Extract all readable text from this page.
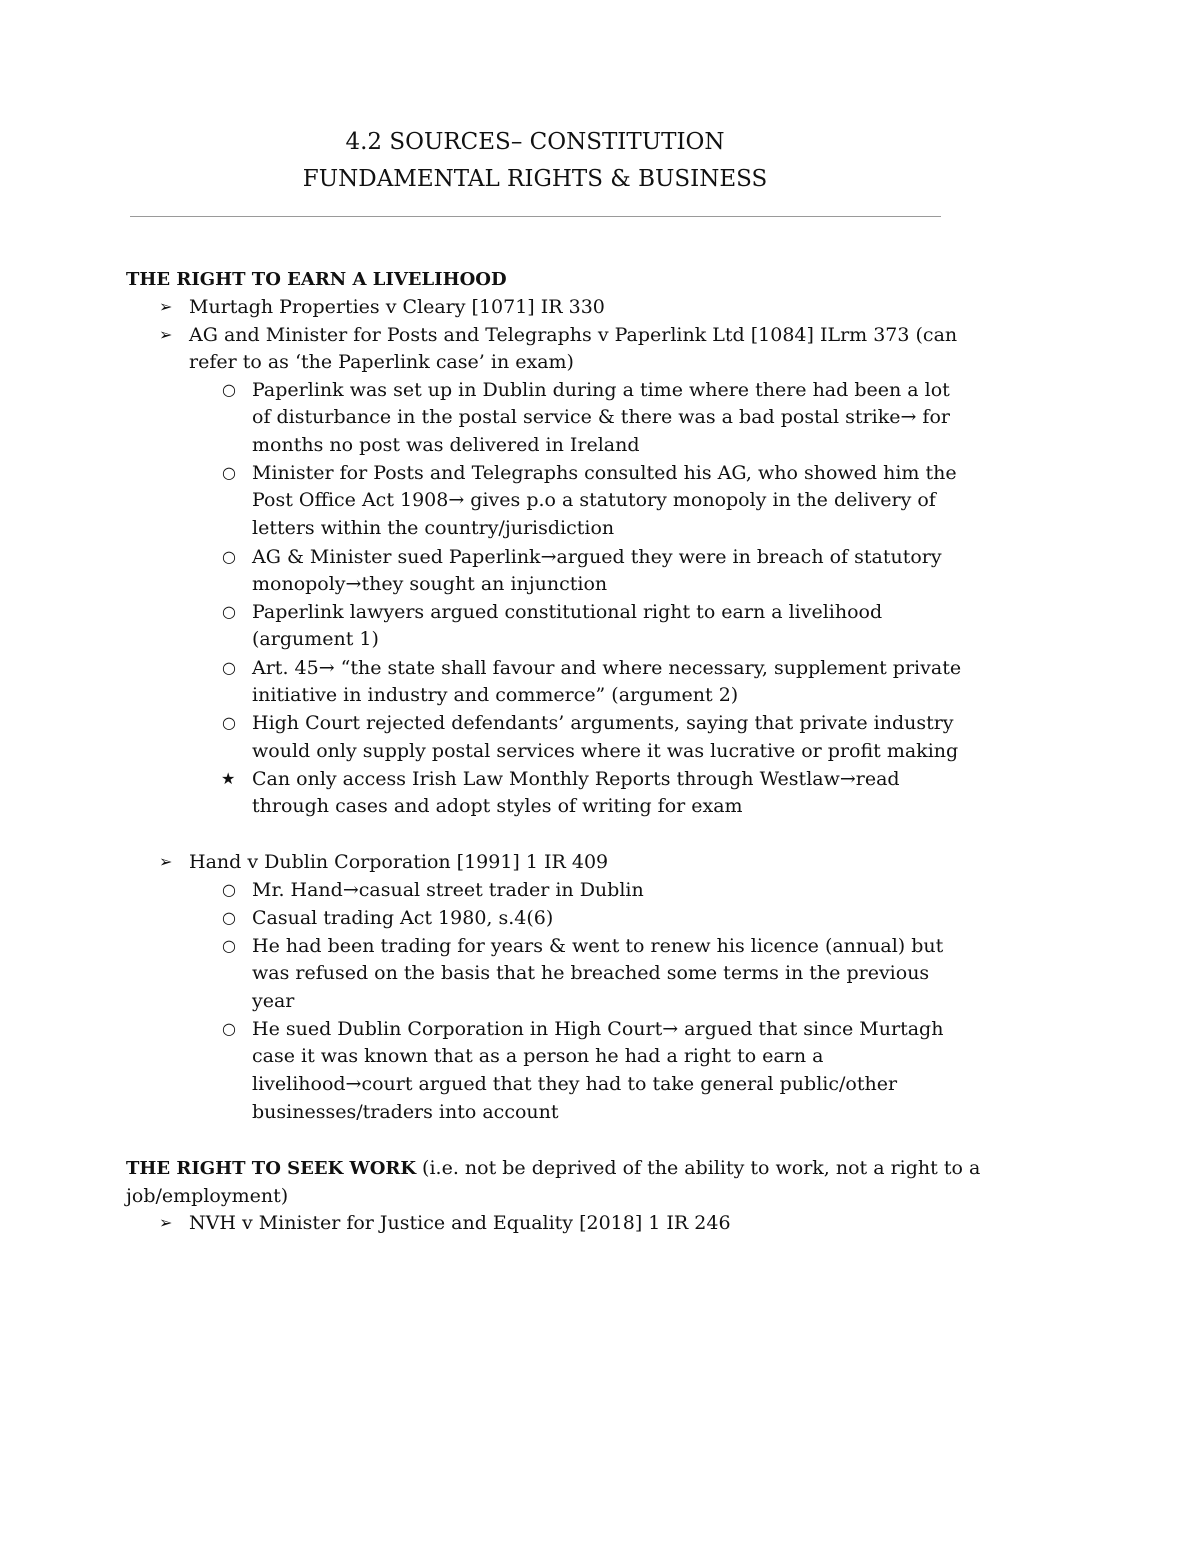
4.2 SOURCES– CONSTITUTION
FUNDAMENTAL RIGHTS & BUSINESS
THE RIGHT TO EARN A LIVELIHOOD
➢ Murtagh Properties v Cleary [1071] IR 330
➢ AG and Minister for Posts and Telegraphs v Paperlink Ltd [1084] ILrm 373 (can
refer to as ‘the Paperlink case’ in exam)
○ Paperlink was set up in Dublin during a time where there had been a lot
of disturbance in the postal service & there was a bad postal strike→ for
months no post was delivered in Ireland
○ Minister for Posts and Telegraphs consulted his AG, who showed him the
Post Office Act 1908→ gives p.o a statutory monopoly in the delivery of
letters within the country/jurisdiction
○ AG & Minister sued Paperlink→argued they were in breach of statutory
monopoly→they sought an injunction
○ Paperlink lawyers argued constitutional right to earn a livelihood
(argument 1)
○ Art. 45→ “the state shall favour and where necessary, supplement private
initiative in industry and commerce” (argument 2)
○ High Court rejected defendants’ arguments, saying that private industry
would only supply postal services where it was lucrative or profit making
★ Can only access Irish Law Monthly Reports through Westlaw→read
through cases and adopt styles of writing for exam
➢ Hand v Dublin Corporation [1991] 1 IR 409
○ Mr. Hand→casual street trader in Dublin
○ Casual trading Act 1980, s.4(6)
○ He had been trading for years & went to renew his licence (annual) but
was refused on the basis that he breached some terms in the previous
year
○ He sued Dublin Corporation in High Court→ argued that since Murtagh
case it was known that as a person he had a right to earn a
livelihood→court argued that they had to take general public/other
businesses/traders into account
THE RIGHT TO SEEK WORK (i.e. not be deprived of the ability to work, not a right to a
job/employment)
➢ NVH v Minister for Justice and Equality [2018] 1 IR 246
